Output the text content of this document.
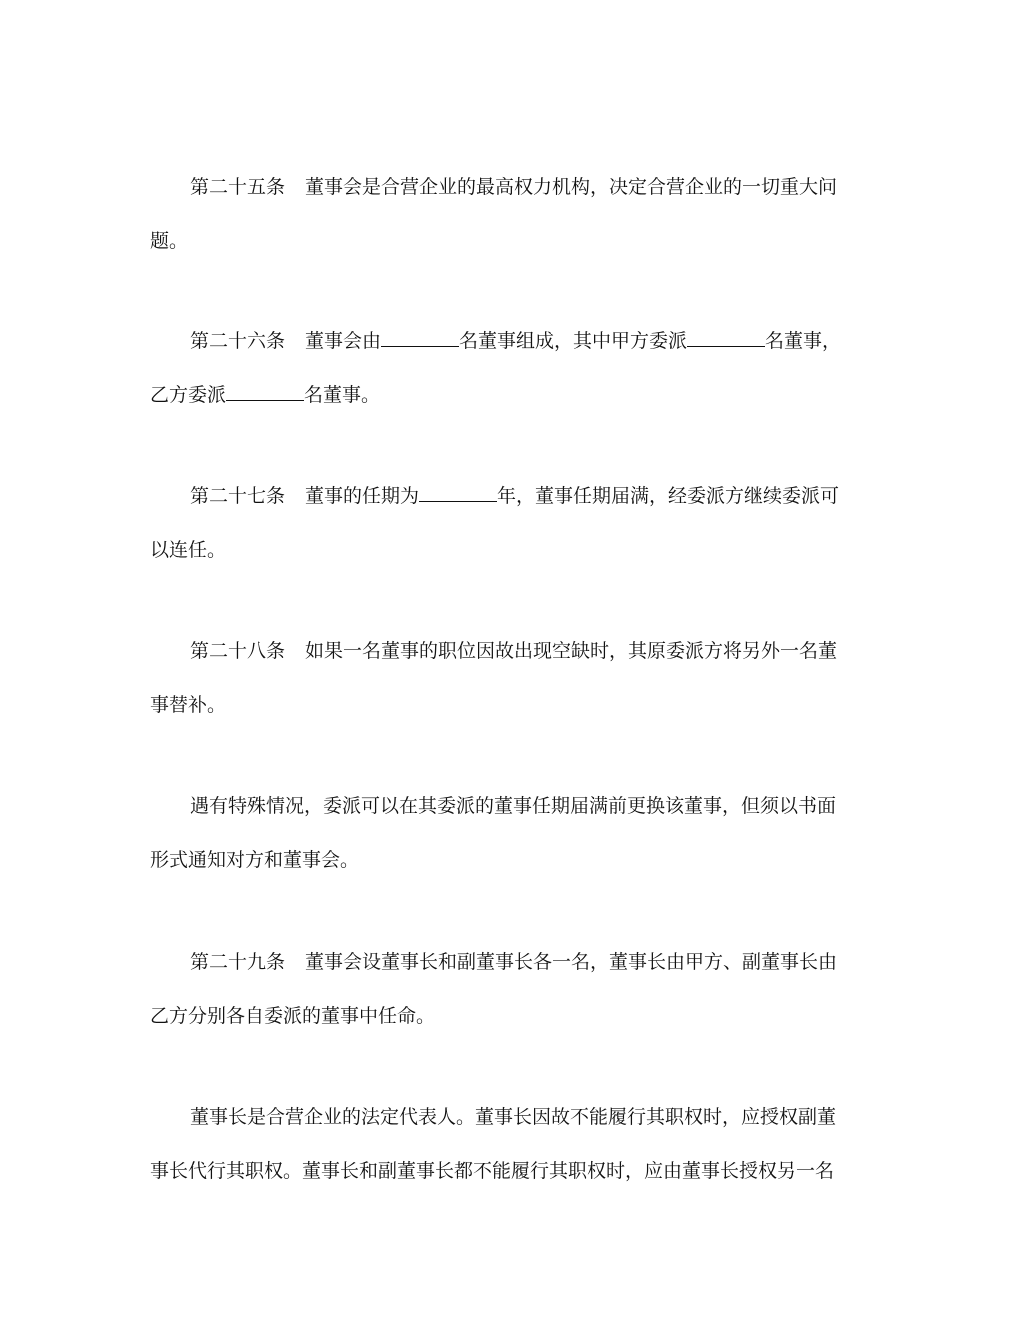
第二十五条 董事会是合营企业的最高权力机构，决定合营企业的一切重大问
题。
第二十六条 董事会由	名董事组成，其中甲方委派	名董事，
乙方委派	名董事。
第二十七条 董事的任期为	年，董事任期届满，经委派方继续委派可
以连任。
第二十八条 如果一名董事的职位因故出现空缺时，其原委派方将另外一名董
事替补。
遇有特殊情况，委派可以在其委派的董事任期届满前更换该董事，但须以书面
形式通知对方和董事会。
第二十九条 董事会设董事长和副董事长各一名，董事长由甲方、副董事长由
乙方分别各自委派的董事中任命。
董事长是合营企业的法定代表人。董事长因故不能履行其职权时，应授权副董
事长代行其职权。董事长和副董事长都不能履行其职权时，应由董事长授权另一名
